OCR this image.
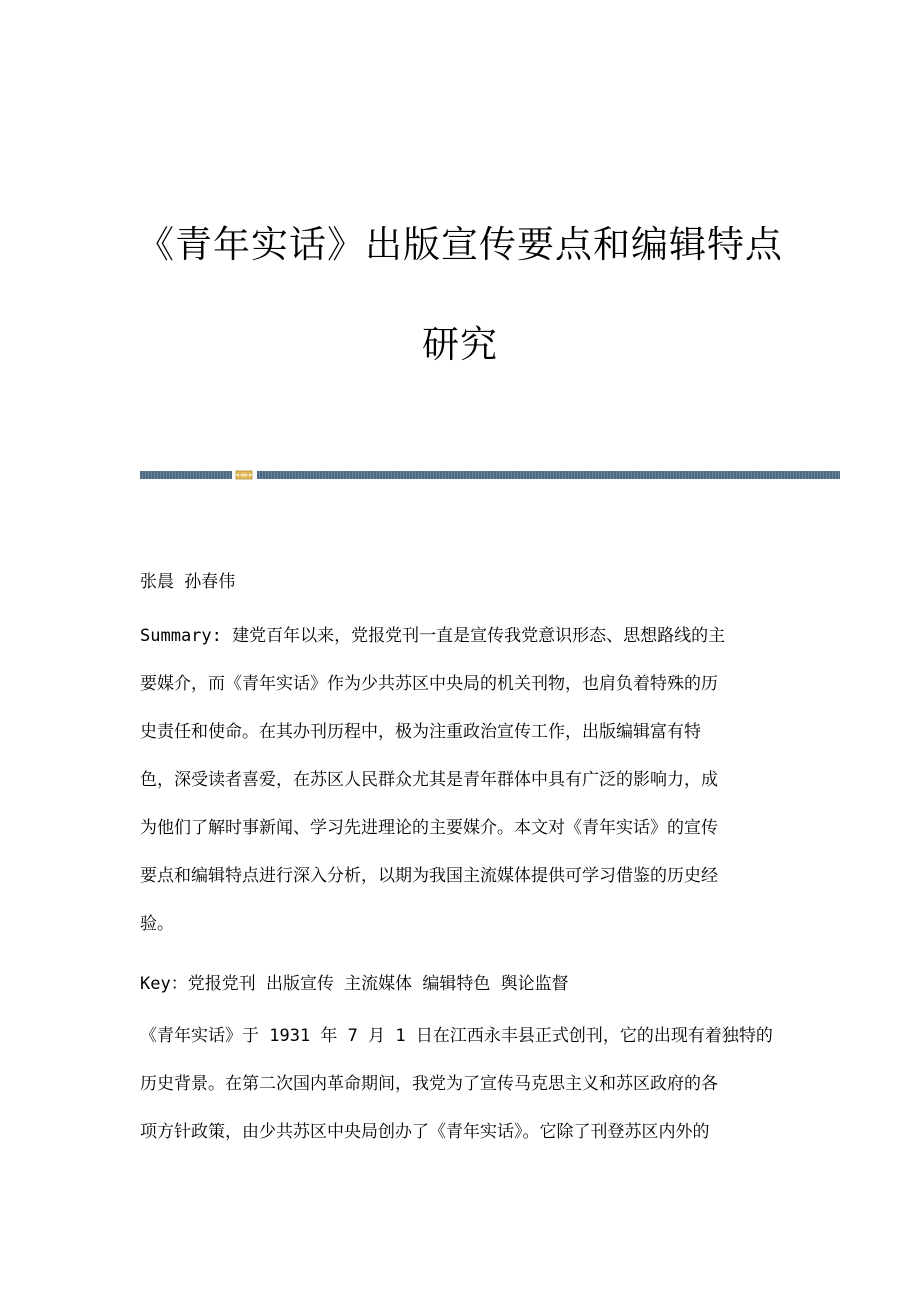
《青年实话》出版宣传要点和编辑特点
研究
张晨 孙春伟
Summary: 建党百年以来，党报党刊一直是宣传我党意识形态、思想路线的主
要媒介，而《青年实话》作为少共苏区中央局的机关刊物，也肩负着特殊的历
史责任和使命。在其办刊历程中，极为注重政治宣传工作，出版编辑富有特
色，深受读者喜爱，在苏区人民群众尤其是青年群体中具有广泛的影响力，成
为他们了解时事新闻、学习先进理论的主要媒介。本文对《青年实话》的宣传
要点和编辑特点进行深入分析，以期为我国主流媒体提供可学习借鉴的历史经
验。
Key：党报党刊 出版宣传 主流媒体 编辑特色 舆论监督
《青年实话》于 1931 年 7 月 1 日在江西永丰县正式创刊，它的出现有着独特的
历史背景。在第二次国内革命期间，我党为了宣传马克思主义和苏区政府的各
项方针政策，由少共苏区中央局创办了《青年实话》。它除了刊登苏区内外的
